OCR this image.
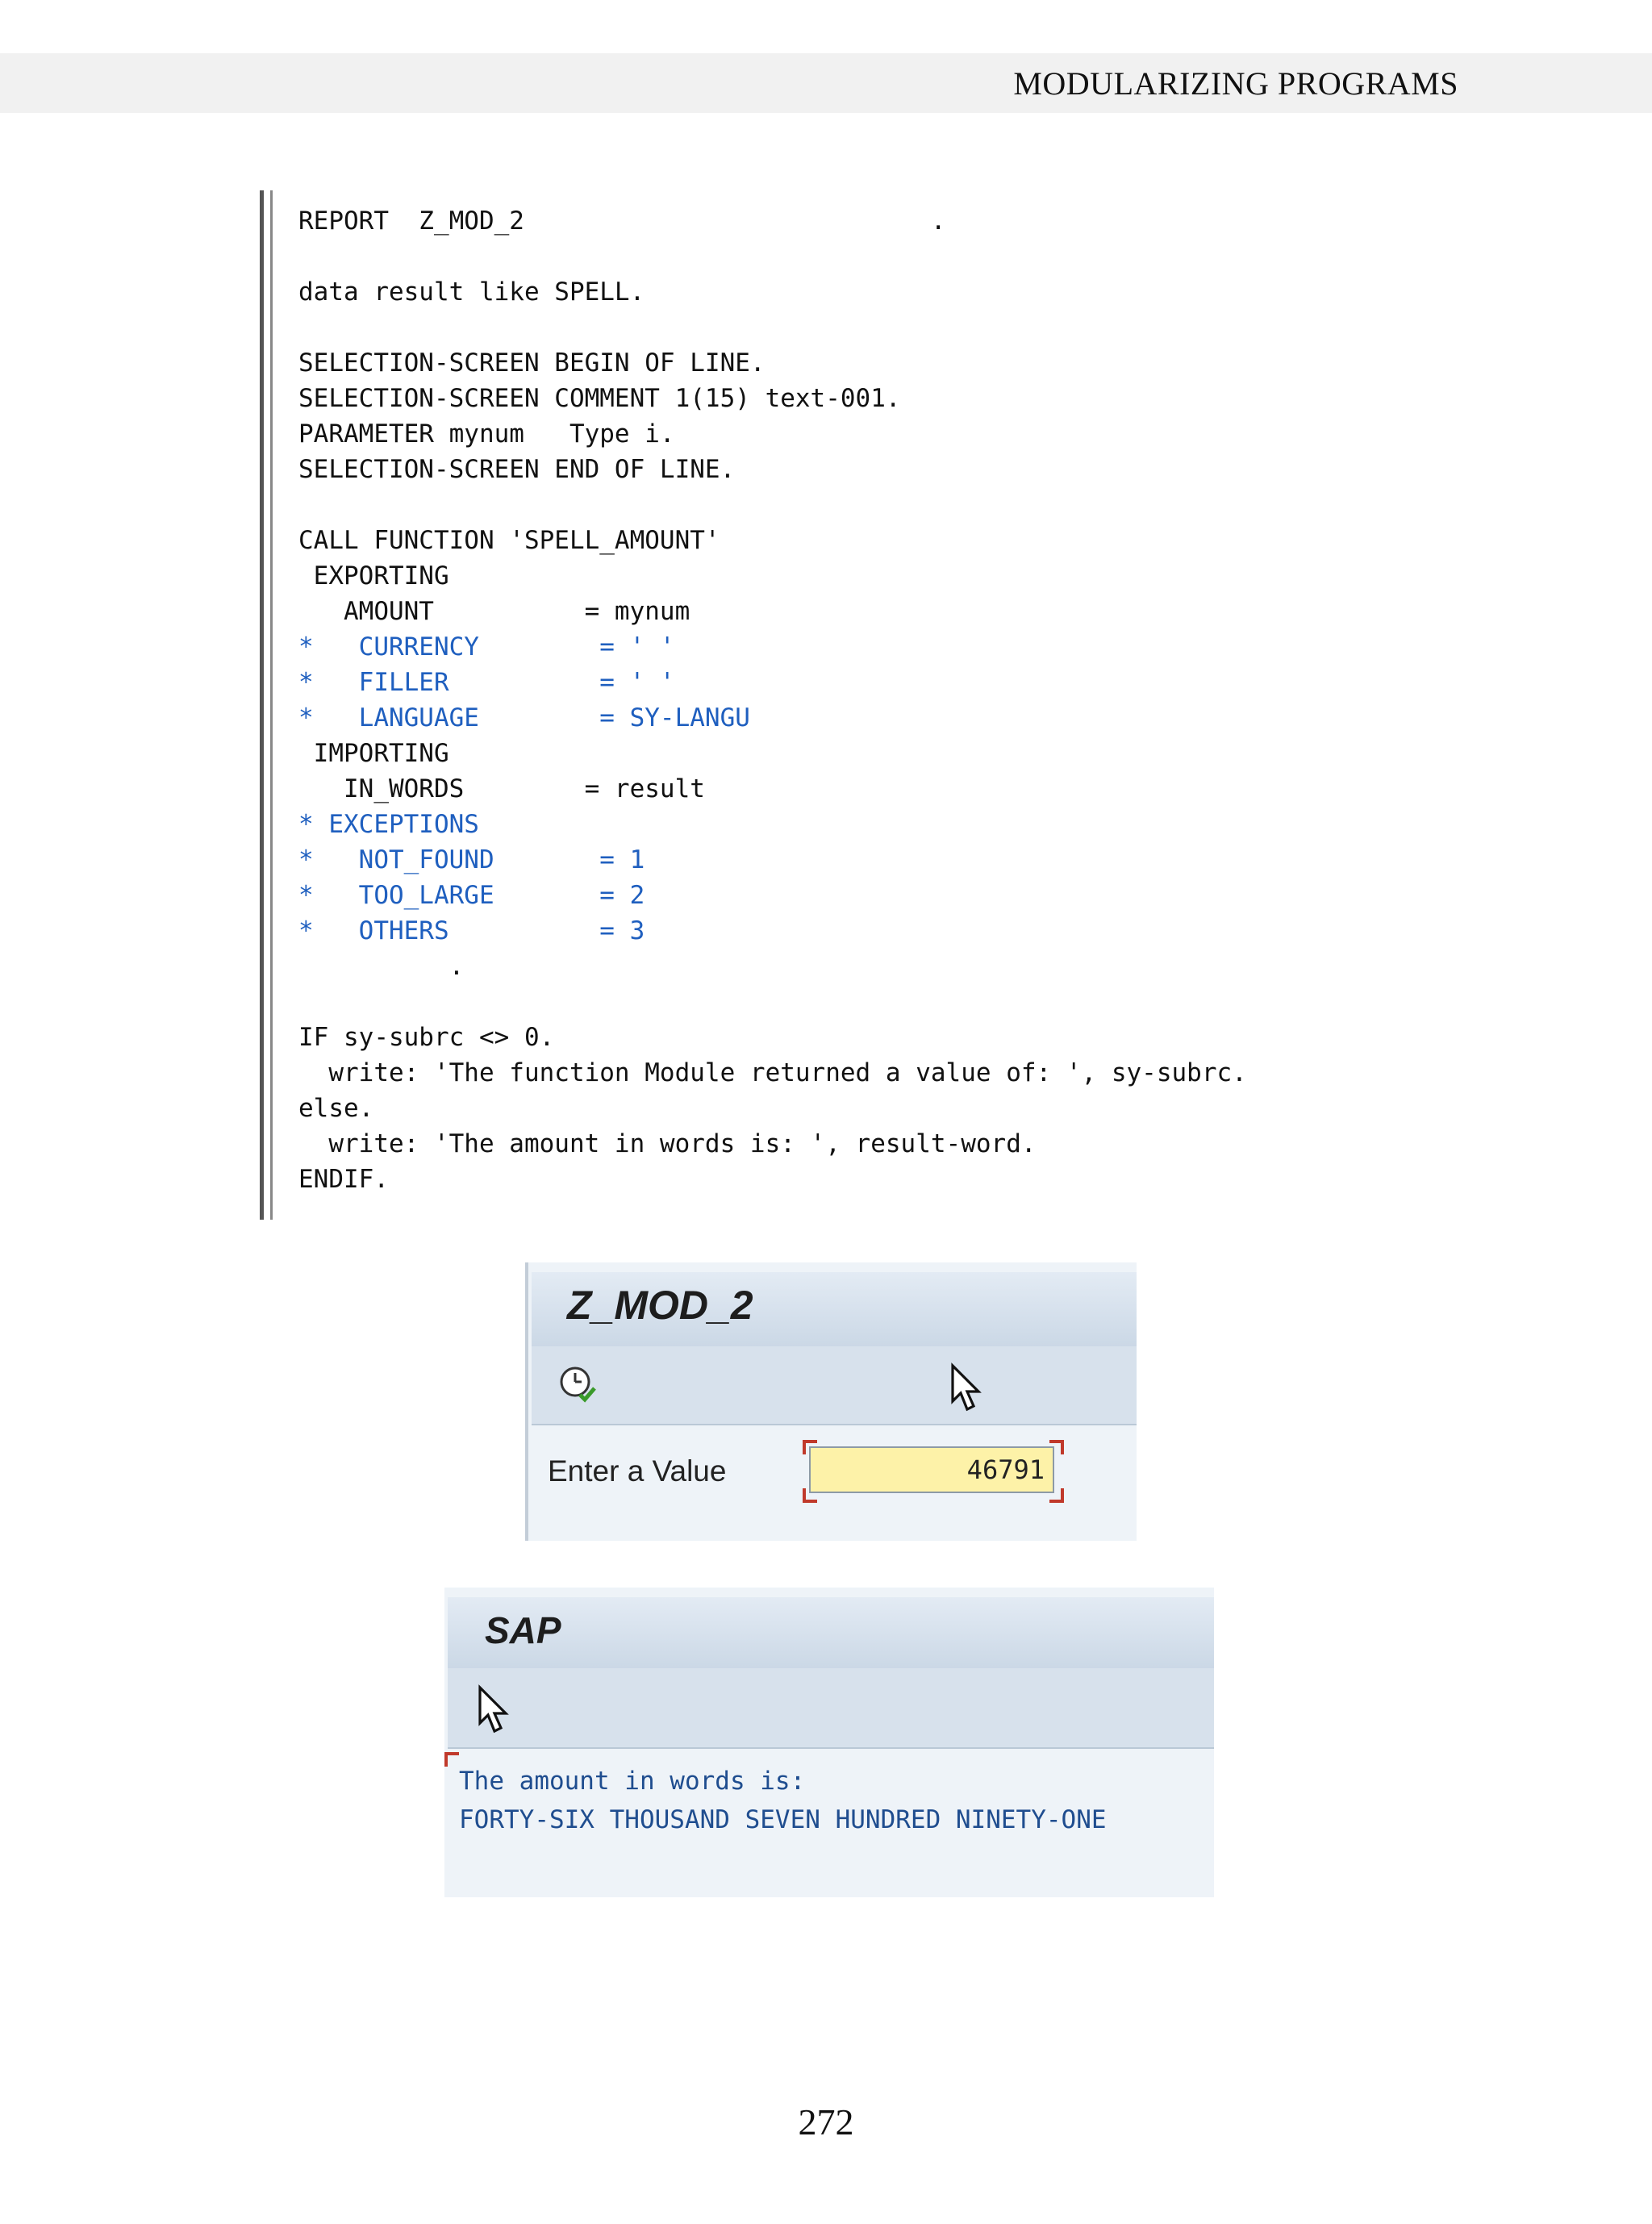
MODULARIZING PROGRAMS
REPORT  Z_MOD_2                           .
data result like SPELL.
SELECTION-SCREEN BEGIN OF LINE.
SELECTION-SCREEN COMMENT 1(15) text-001.
PARAMETER mynum   Type i.
SELECTION-SCREEN END OF LINE.
CALL FUNCTION 'SPELL_AMOUNT'
EXPORTING
AMOUNT          = mynum
*   CURRENCY        = ' '
*   FILLER          = ' '
*   LANGUAGE        = SY-LANGU
IMPORTING
IN_WORDS        = result
* EXCEPTIONS
*   NOT_FOUND       = 1
*   TOO_LARGE       = 2
*   OTHERS          = 3
.
IF sy-subrc <> 0.
write: 'The function Module returned a value of: ', sy-subrc.
else.
write: 'The amount in words is: ', result-word.
ENDIF.
Z_MOD_2
Enter a Value	46791
SAP
The amount in words is:
FORTY-SIX THOUSAND SEVEN HUNDRED NINETY-ONE
272
